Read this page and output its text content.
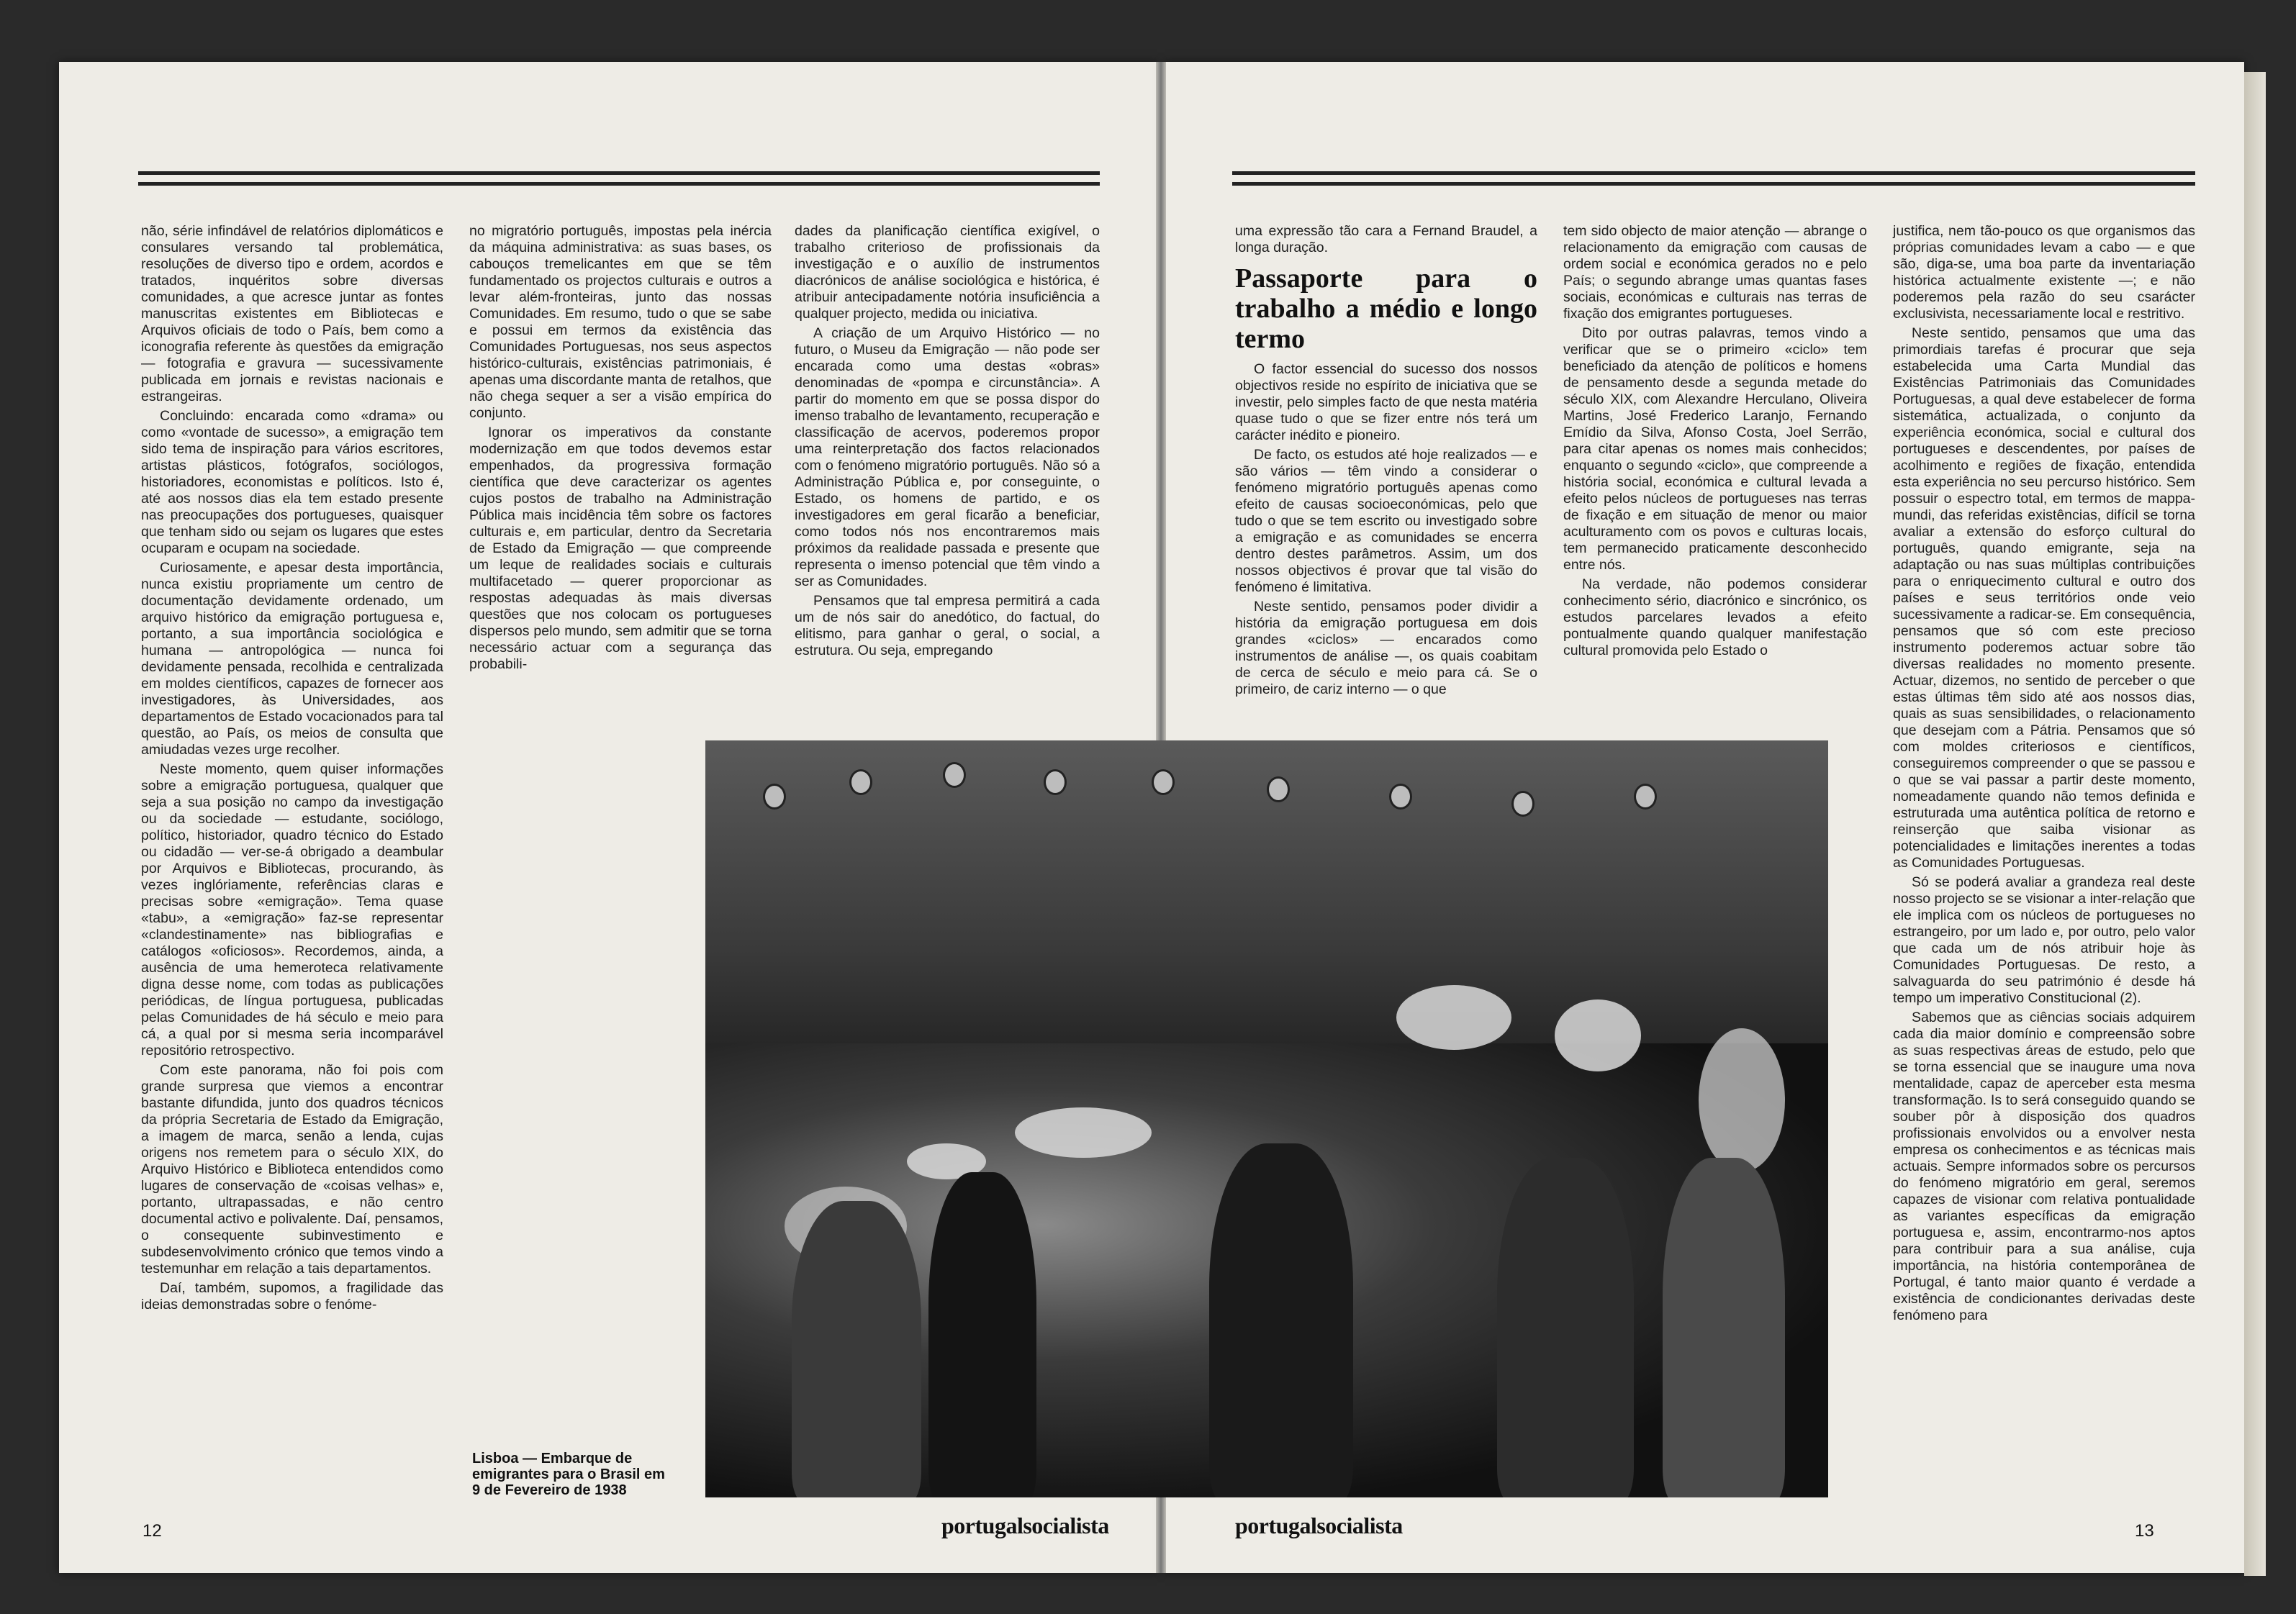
não, série infindável de relatórios diplomáticos e consulares versando tal problemática, resoluções de diverso tipo e ordem, acordos e tratados, inquéritos sobre diversas comunidades, a que acresce juntar as fontes manuscritas existentes em Bibliotecas e Arquivos oficiais de todo o País, bem como a iconografia referente às questões da emigração — fotografia e gravura — sucessivamente publicada em jornais e revistas nacionais e estrangeiras.

Concluindo: encarada como «drama» ou como «vontade de sucesso», a emigração tem sido tema de inspiração para vários escritores, artistas plásticos, fotógrafos, sociólogos, historiadores, economistas e políticos. Isto é, até aos nossos dias ela tem estado presente nas preocupações dos portugueses, quaisquer que tenham sido ou sejam os lugares que estes ocuparam e ocupam na sociedade.

Curiosamente, e apesar desta importância, nunca existiu propriamente um centro de documentação devidamente ordenado, um arquivo histórico da emigração portuguesa e, portanto, a sua importância sociológica e humana — antropológica — nunca foi devidamente pensada, recolhida e centralizada em moldes científicos, capazes de fornecer aos investigadores, às Universidades, aos departamentos de Estado vocacionados para tal questão, ao País, os meios de consulta que amiudadas vezes urge recolher.

Neste momento, quem quiser informações sobre a emigração portuguesa, qualquer que seja a sua posição no campo da investigação ou da sociedade — estudante, sociólogo, político, historiador, quadro técnico do Estado ou cidadão — ver-se-á obrigado a deambular por Arquivos e Bibliotecas, procurando, às vezes inglóriamente, referências claras e precisas sobre «emigração». Tema quase «tabu», a «emigração» faz-se representar «clandestinamente» nas bibliografias e catálogos «oficiosos». Recordemos, ainda, a ausência de uma hemeroteca relativamente digna desse nome, com todas as publicações periódicas, de língua portuguesa, publicadas pelas Comunidades de há século e meio para cá, a qual por si mesma seria incomparável repositório retrospectivo.

Com este panorama, não foi pois com grande surpresa que viemos a encontrar bastante difundida, junto dos quadros técnicos da própria Secretaria de Estado da Emigração, a imagem de marca, senão a lenda, cujas origens nos remetem para o século XIX, do Arquivo Histórico e Biblioteca entendidos como lugares de conservação de «coisas velhas» e, portanto, ultrapassadas, e não centro documental activo e polivalente. Daí, pensamos, o consequente subinvestimento e subdesenvolvimento crónico que temos vindo a testemunhar em relação a tais departamentos.

Daí, também, supomos, a fragilidade das ideias demonstradas sobre o fenóme-

no migratório português, impostas pela inércia da máquina administrativa: as suas bases, os cabouços tremelicantes em que se têm fundamentado os projectos culturais e outros a levar além-fronteiras, junto das nossas Comunidades. Em resumo, tudo o que se sabe e possui em termos da existência das Comunidades Portuguesas, nos seus aspectos histórico-culturais, existências patrimoniais, é apenas uma discordante manta de retalhos, que não chega sequer a ser a visão empírica do conjunto.

Ignorar os imperativos da constante modernização em que todos devemos estar empenhados, da progressiva formação científica que deve caracterizar os agentes cujos postos de trabalho na Administração Pública mais incidência têm sobre os factores culturais e, em particular, dentro da Secretaria de Estado da Emigração — que compreende um leque de realidades sociais e culturais multifacetado — querer proporcionar as respostas adequadas às mais diversas questões que nos colocam os portugueses dispersos pelo mundo, sem admitir que se torna necessário actuar com a segurança das probabili-

dades da planificação científica exigível, o trabalho criterioso de profissionais da investigação e o auxílio de instrumentos diacrónicos de análise sociológica e histórica, é atribuir antecipadamente notória insuficiência a qualquer projecto, medida ou iniciativa.

A criação de um Arquivo Histórico — no futuro, o Museu da Emigração — não pode ser encarada como uma destas «obras» denominadas de «pompa e circunstância». A partir do momento em que se possa dispor do imenso trabalho de levantamento, recuperação e classificação de acervos, poderemos propor uma reinterpretação dos factos relacionados com o fenómeno migratório português. Não só a Administração Pública e, por conseguinte, o Estado, os homens de partido, e os investigadores em geral ficarão a beneficiar, como todos nós nos encontraremos mais próximos da realidade passada e presente que representa o imenso potencial que têm vindo a ser as Comunidades.

Pensamos que tal empresa permitirá a cada um de nós sair do anedótico, do factual, do elitismo, para ganhar o geral, o social, a estrutura. Ou seja, empregando

uma expressão tão cara a Fernand Braudel, a longa duração.

Passaporte para o trabalho a médio e longo termo

O factor essencial do sucesso dos nossos objectivos reside no espírito de iniciativa que se investir, pelo simples facto de que nesta matéria quase tudo o que se fizer entre nós terá um carácter inédito e pioneiro.

De facto, os estudos até hoje realizados — e são vários — têm vindo a considerar o fenómeno migratório português apenas como efeito de causas socioeconómicas, pelo que tudo o que se tem escrito ou investigado sobre a emigração e as comunidades se encerra dentro destes parâmetros. Assim, um dos nossos objectivos é provar que tal visão do fenómeno é limitativa.

Neste sentido, pensamos poder dividir a história da emigração portuguesa em dois grandes «ciclos» — encarados como instrumentos de análise —, os quais coabitam de cerca de século e meio para cá. Se o primeiro, de cariz interno — o que

tem sido objecto de maior atenção — abrange o relacionamento da emigração com causas de ordem social e económica gerados no e pelo País; o segundo abrange umas quantas fases sociais, económicas e culturais nas terras de fixação dos emigrantes portugueses.

Dito por outras palavras, temos vindo a verificar que se o primeiro «ciclo» tem beneficiado da atenção de políticos e homens de pensamento desde a segunda metade do século XIX, com Alexandre Herculano, Oliveira Martins, José Frederico Laranjo, Fernando Emídio da Silva, Afonso Costa, Joel Serrão, para citar apenas os nomes mais conhecidos; enquanto o segundo «ciclo», que compreende a história social, económica e cultural levada a efeito pelos núcleos de portugueses nas terras de fixação e em situação de menor ou maior aculturamento com os povos e culturas locais, tem permanecido praticamente desconhecido entre nós.

Na verdade, não podemos considerar conhecimento sério, diacrónico e sincrónico, os estudos parcelares levados a efeito pontualmente quando qualquer manifestação cultural promovida pelo Estado o

justifica, nem tão-pouco os que organismos das próprias comunidades levam a cabo — e que são, diga-se, uma boa parte da inventariação histórica actualmente existente —; e não poderemos pela razão do seu csarácter exclusivista, necessariamente local e restritivo.

Neste sentido, pensamos que uma das primordiais tarefas é procurar que seja estabelecida uma Carta Mundial das Existências Patrimoniais das Comunidades Portuguesas, a qual deve estabelecer de forma sistemática, actualizada, o conjunto da experiência económica, social e cultural dos portugueses e descendentes, por países de acolhimento e regiões de fixação, entendida esta experiência no seu percurso histórico. Sem possuir o espectro total, em termos de mappa-mundi, das referidas existências, difícil se torna avaliar a extensão do esforço cultural do português, quando emigrante, seja na adaptação ou nas suas múltiplas contribuições para o enriquecimento cultural e outro dos países e seus territórios onde veio sucessivamente a radicar-se. Em consequência, pensamos que só com este precioso instrumento poderemos actuar sobre tão diversas realidades no momento presente. Actuar, dizemos, no sentido de perceber o que estas últimas têm sido até aos nossos dias, quais as suas sensibilidades, o relacionamento que desejam com a Pátria. Pensamos que só com moldes criteriosos e científicos, conseguiremos compreender o que se passou e o que se vai passar a partir deste momento, nomeadamente quando não temos definida e estruturada uma autêntica política de retorno e reinserção que saiba visionar as potencialidades e limitações inerentes a todas as Comunidades Portuguesas.

Só se poderá avaliar a grandeza real deste nosso projecto se se visionar a inter-relação que ele implica com os núcleos de portugueses no estrangeiro, por um lado e, por outro, pelo valor que cada um de nós atribuir hoje às Comunidades Portuguesas. De resto, a salvaguarda do seu património é desde há tempo um imperativo Constitucional (2).

Sabemos que as ciências sociais adquirem cada dia maior domínio e compreensão sobre as suas respectivas áreas de estudo, pelo que se torna essencial que se inaugure uma nova mentalidade, capaz de aperceber esta mesma transformação. Is to será conseguido quando se souber pôr à disposição dos quadros profissionais envolvidos ou a envolver nesta empresa os conhecimentos e as técnicas mais actuais. Sempre informados sobre os percursos do fenómeno migratório em geral, seremos capazes de visionar com relativa pontualidade as variantes específicas da emigração portuguesa e, assim, encontrarmo-nos aptos para contribuir para a sua análise, cuja importância, na história contemporânea de Portugal, é tanto maior quanto é verdade a existência de condicionantes derivadas deste fenómeno para

Lisboa — Embarque de emigrantes para o Brasil em 9 de Fevereiro de 1938
12	portugalsocialista	portugalsocialista	13
